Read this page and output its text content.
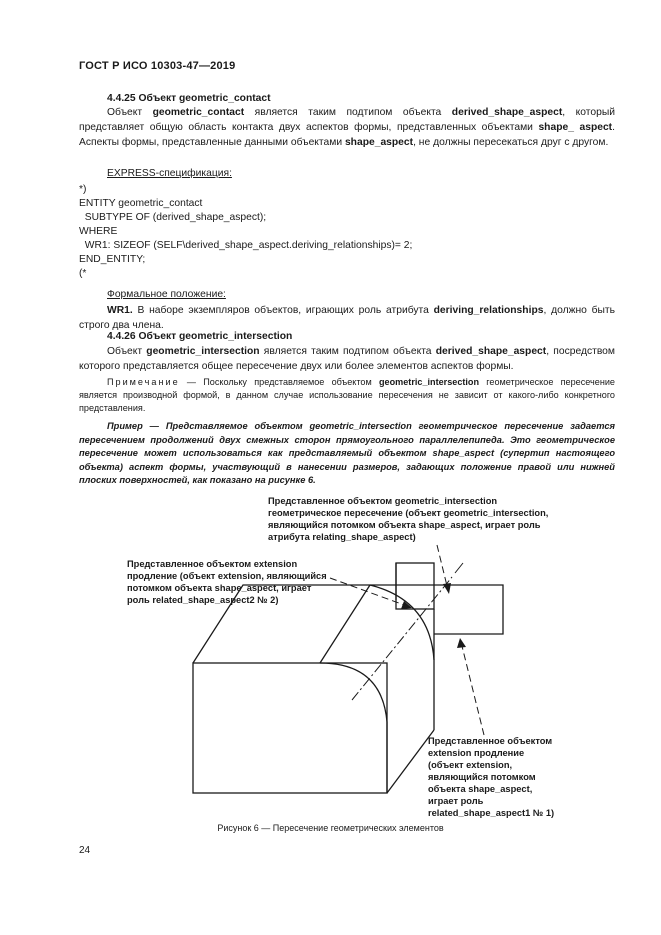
ГОСТ Р ИСО 10303-47—2019
4.4.25 Объект geometric_contact
Объект geometric_contact является таким подтипом объекта derived_shape_aspect, который представляет общую область контакта двух аспектов формы, представленных объектами shape_ aspect. Аспекты формы, представленные данными объектами shape_aspect, не должны пересекаться друг с другом.
EXPRESS-спецификация:
*)
ENTITY geometric_contact
SUBTYPE OF (derived_shape_aspect);
WHERE
WR1: SIZEOF (SELF\derived_shape_aspect.deriving_relationships)= 2;
END_ENTITY;
(*
Формальное положение:
WR1. В наборе экземпляров объектов, играющих роль атрибута deriving_relationships, должно быть строго два члена.
4.4.26 Объект geometric_intersection
Объект geometric_intersection является таким подтипом объекта derived_shape_aspect, посредством которого представляется общее пересечение двух или более элементов аспектов формы.
Примечание — Поскольку представляемое объектом geometric_intersection геометрическое пересечение является производной формой, в данном случае использование пересечения не зависит от какого-либо конкретного представления.
Пример — Представляемое объектом geometric_intersection геометрическое пересечение задается пересечением продолжений двух смежных сторон прямоугольного параллелепипеда. Это геометрическое пересечение может использоваться как представляемый объектом shape_aspect (супертип настоящего объекта) аспект формы, участвующий в нанесении размеров, задающих положение правой или нижней плоских поверхностей, как показано на рисунке 6.
Представленное объектом geometric_intersection
геометрическое пересечение (объект geometric_intersection,
являющийся потомком объекта shape_aspect, играет роль
атрибута relating_shape_aspect)
Представленное объектом extension
продление (объект extension, являющийся
потомком объекта shape_aspect, играет
роль related_shape_aspect2 № 2)
Представленное объектом
extension продление
(объект extension,
являющийся потомком
объекта shape_aspect,
играет роль
related_shape_aspect1 № 1)
Рисунок 6 — Пересечение геометрических элементов
24
